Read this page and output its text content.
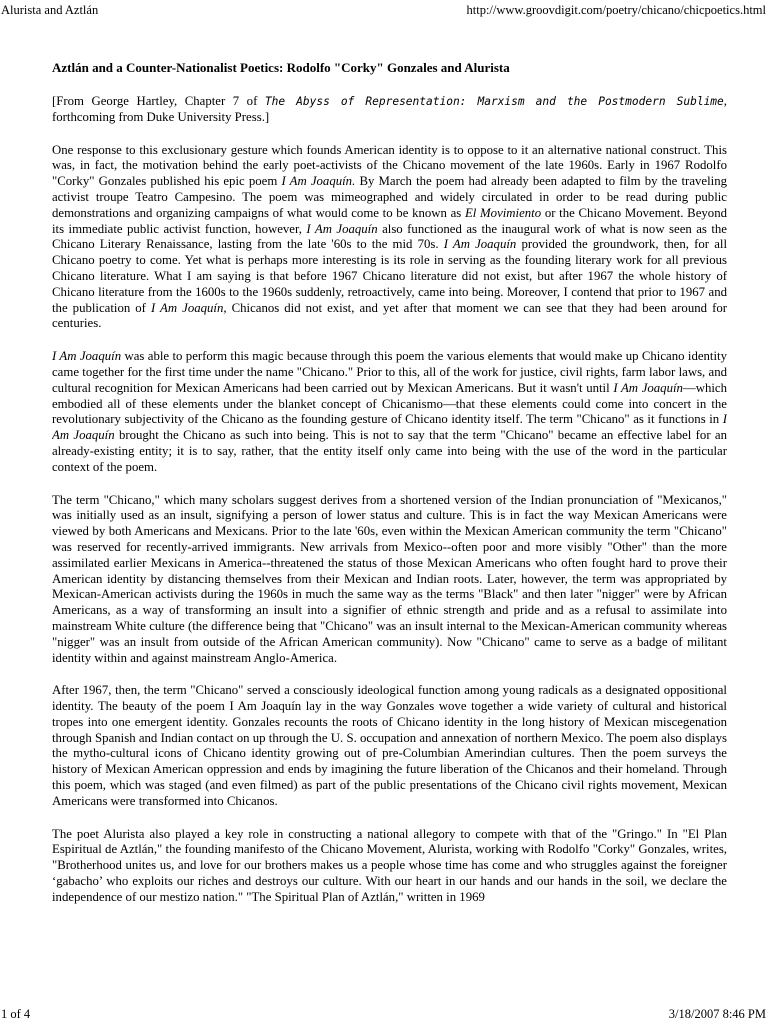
Alurista and Aztlán	http://www.groovdigit.com/poetry/chicano/chicpoetics.html
Aztlán and a Counter-Nationalist Poetics: Rodolfo "Corky" Gonzales and Alurista

[From George Hartley, Chapter 7 of The Abyss of Representation: Marxism and the Postmodern Sublime, forthcoming from Duke University Press.]

One response to this exclusionary gesture which founds American identity is to oppose to it an alternative national construct. This was, in fact, the motivation behind the early poet-activists of the Chicano movement of the late 1960s. Early in 1967 Rodolfo "Corky" Gonzales published his epic poem I Am Joaquín. By March the poem had already been adapted to film by the traveling activist troupe Teatro Campesino. The poem was mimeographed and widely circulated in order to be read during public demonstrations and organizing campaigns of what would come to be known as El Movimiento or the Chicano Movement. Beyond its immediate public activist function, however, I Am Joaquín also functioned as the inaugural work of what is now seen as the Chicano Literary Renaissance, lasting from the late '60s to the mid 70s. I Am Joaquín provided the groundwork, then, for all Chicano poetry to come. Yet what is perhaps more interesting is its role in serving as the founding literary work for all previous Chicano literature. What I am saying is that before 1967 Chicano literature did not exist, but after 1967 the whole history of Chicano literature from the 1600s to the 1960s suddenly, retroactively, came into being. Moreover, I contend that prior to 1967 and the publication of I Am Joaquín, Chicanos did not exist, and yet after that moment we can see that they had been around for centuries.

I Am Joaquín was able to perform this magic because through this poem the various elements that would make up Chicano identity came together for the first time under the name "Chicano." Prior to this, all of the work for justice, civil rights, farm labor laws, and cultural recognition for Mexican Americans had been carried out by Mexican Americans. But it wasn't until I Am Joaquín—which embodied all of these elements under the blanket concept of Chicanismo—that these elements could come into concert in the revolutionary subjectivity of the Chicano as the founding gesture of Chicano identity itself. The term "Chicano" as it functions in I Am Joaquín brought the Chicano as such into being. This is not to say that the term "Chicano" became an effective label for an already-existing entity; it is to say, rather, that the entity itself only came into being with the use of the word in the particular context of the poem.

The term "Chicano," which many scholars suggest derives from a shortened version of the Indian pronunciation of "Mexicanos," was initially used as an insult, signifying a person of lower status and culture. This is in fact the way Mexican Americans were viewed by both Americans and Mexicans. Prior to the late '60s, even within the Mexican American community the term "Chicano" was reserved for recently-arrived immigrants. New arrivals from Mexico--often poor and more visibly "Other" than the more assimilated earlier Mexicans in America--threatened the status of those Mexican Americans who often fought hard to prove their American identity by distancing themselves from their Mexican and Indian roots. Later, however, the term was appropriated by Mexican-American activists during the 1960s in much the same way as the terms "Black" and then later "nigger" were by African Americans, as a way of transforming an insult into a signifier of ethnic strength and pride and as a refusal to assimilate into mainstream White culture (the difference being that "Chicano" was an insult internal to the Mexican-American community whereas "nigger" was an insult from outside of the African American community). Now "Chicano" came to serve as a badge of militant identity within and against mainstream Anglo-America.

After 1967, then, the term "Chicano" served a consciously ideological function among young radicals as a designated oppositional identity. The beauty of the poem I Am Joaquín lay in the way Gonzales wove together a wide variety of cultural and historical tropes into one emergent identity. Gonzales recounts the roots of Chicano identity in the long history of Mexican miscegenation through Spanish and Indian contact on up through the U. S. occupation and annexation of northern Mexico. The poem also displays the mytho-cultural icons of Chicano identity growing out of pre-Columbian Amerindian cultures. Then the poem surveys the history of Mexican American oppression and ends by imagining the future liberation of the Chicanos and their homeland. Through this poem, which was staged (and even filmed) as part of the public presentations of the Chicano civil rights movement, Mexican Americans were transformed into Chicanos.

The poet Alurista also played a key role in constructing a national allegory to compete with that of the "Gringo." In "El Plan Espiritual de Aztlán," the founding manifesto of the Chicano Movement, Alurista, working with Rodolfo "Corky" Gonzales, writes, "Brotherhood unites us, and love for our brothers makes us a people whose time has come and who struggles against the foreigner ‘gabacho’ who exploits our riches and destroys our culture. With our heart in our hands and our hands in the soil, we declare the independence of our mestizo nation." "The Spiritual Plan of Aztlán," written in 1969

1 of 4	3/18/2007 8:46 PM
